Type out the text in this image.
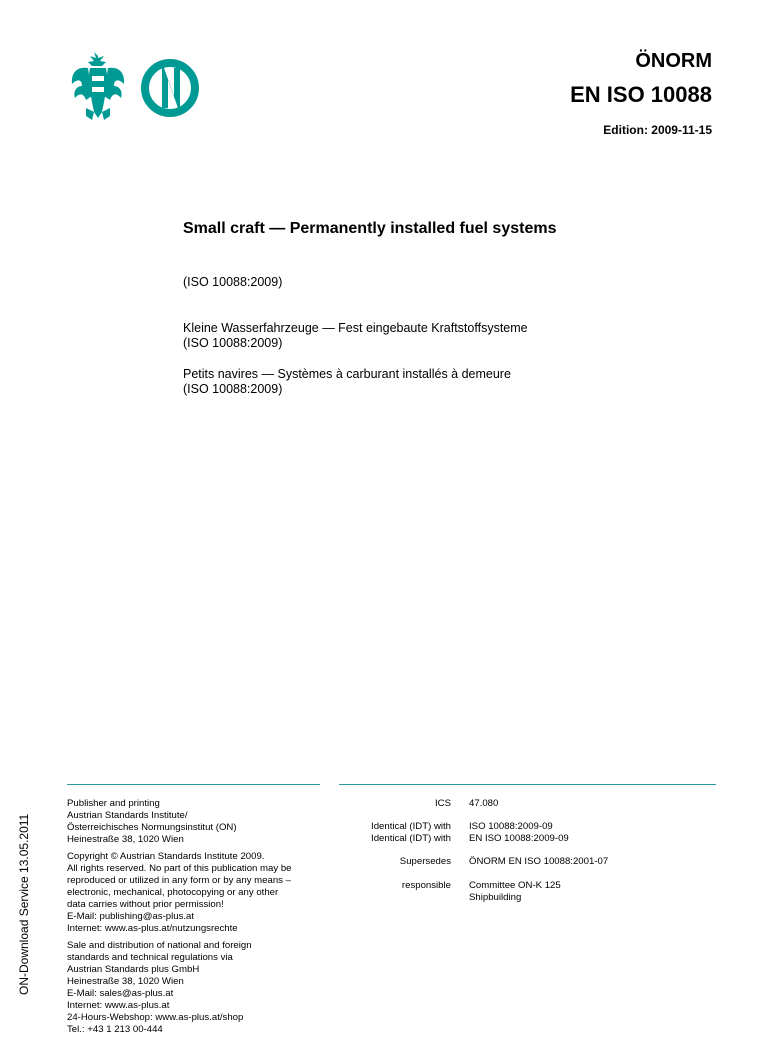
ÖNORM
EN ISO 10088
Edition: 2009-11-15
Small craft — Permanently installed fuel systems
(ISO 10088:2009)
Kleine Wasserfahrzeuge — Fest eingebaute Kraftstoffsysteme
(ISO 10088:2009)
Petits navires — Systèmes à carburant installés à demeure
(ISO 10088:2009)
Publisher and printing
Austrian Standards Institute/
Österreichisches Normungsinstitut (ON)
Heinestraße 38, 1020 Wien
Copyright © Austrian Standards Institute 2009.
All rights reserved. No part of this publication may be
reproduced or utilized in any form or by any means –
electronic, mechanical, photocopying or any other
data carries without prior permission!
E-Mail: publishing@as-plus.at
Internet: www.as-plus.at/nutzungsrechte
Sale and distribution of national and foreign
standards and technical regulations via
Austrian Standards plus GmbH
Heinestraße 38, 1020 Wien
E-Mail: sales@as-plus.at
Internet: www.as-plus.at
24-Hours-Webshop: www.as-plus.at/shop
Tel.: +43 1 213 00-444
ICS 47.080
Identical (IDT) with ISO 10088:2009-09
Identical (IDT) with EN ISO 10088:2009-09
Supersedes ÖNORM EN ISO 10088:2001-07
responsible Committee ON-K 125
Shipbuilding
ON-Download Service 13.05.2011
